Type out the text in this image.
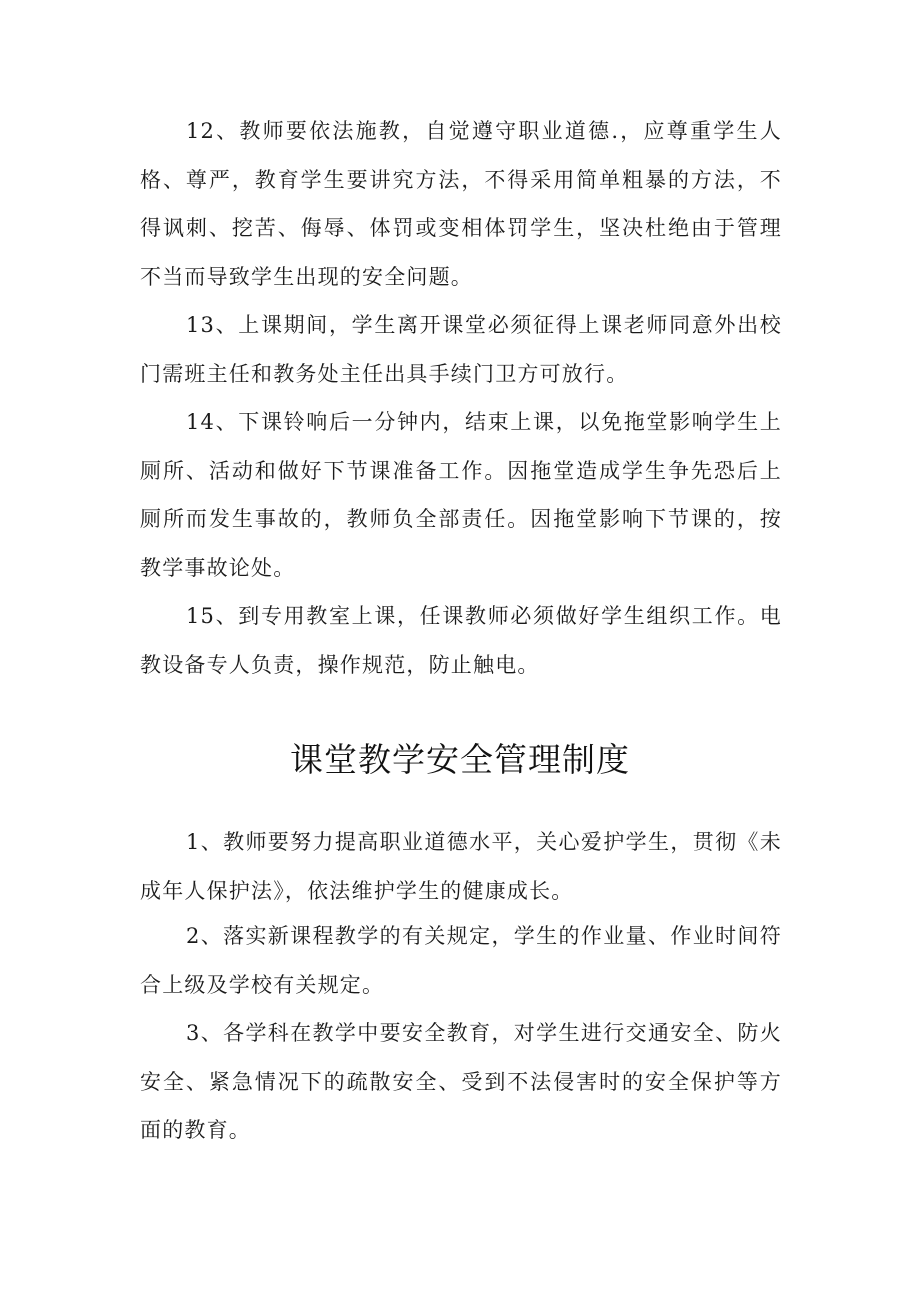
12、教师要依法施教，自觉遵守职业道德.，应尊重学生人格、尊严，教育学生要讲究方法，不得采用简单粗暴的方法，不得讽刺、挖苦、侮辱、体罚或变相体罚学生，坚决杜绝由于管理不当而导致学生出现的安全问题。

13、上课期间，学生离开课堂必须征得上课老师同意外出校门需班主任和教务处主任出具手续门卫方可放行。

14、下课铃响后一分钟内，结束上课，以免拖堂影响学生上厕所、活动和做好下节课准备工作。因拖堂造成学生争先恐后上厕所而发生事故的，教师负全部责任。因拖堂影响下节课的，按教学事故论处。

15、到专用教室上课，任课教师必须做好学生组织工作。电教设备专人负责，操作规范，防止触电。

课堂教学安全管理制度

1、教师要努力提高职业道德水平，关心爱护学生，贯彻《未成年人保护法》，依法维护学生的健康成长。

2、落实新课程教学的有关规定，学生的作业量、作业时间符合上级及学校有关规定。

3、各学科在教学中要安全教育，对学生进行交通安全、防火安全、紧急情况下的疏散安全、受到不法侵害时的安全保护等方面的教育。
